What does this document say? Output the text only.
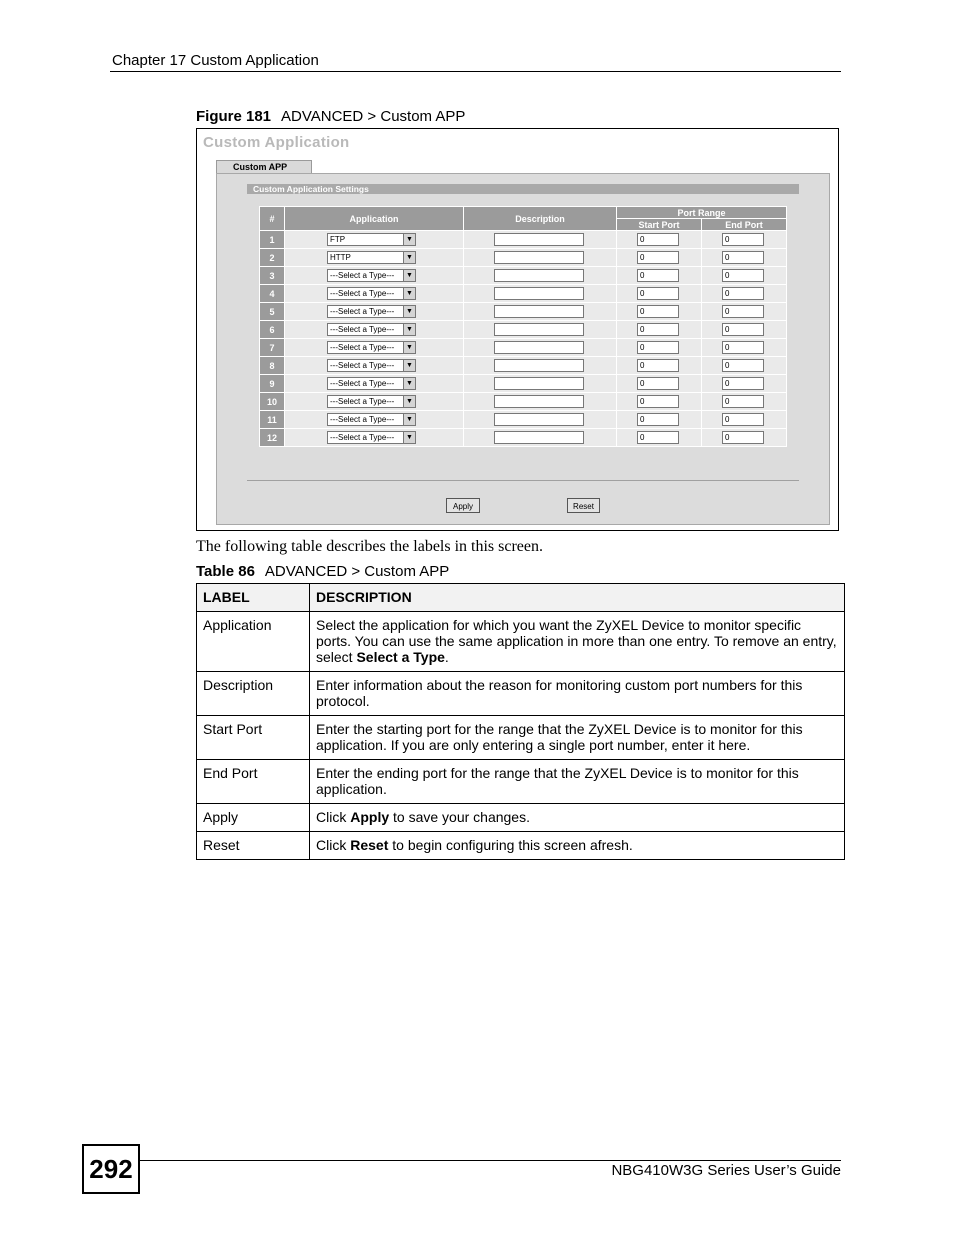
Chapter 17 Custom Application
Figure 181 ADVANCED > Custom APP
Custom Application
Custom APP
Custom Application Settings
#	Application	Description	Port Range	
			Start Port	End Port
1	FTP ▼		0	0
2	HTTP ▼		0	0
3	---Select a Type--- ▼		0	0
4	---Select a Type--- ▼		0	0
5	---Select a Type--- ▼		0	0
6	---Select a Type--- ▼		0	0
7	---Select a Type--- ▼		0	0
8	---Select a Type--- ▼		0	0
9	---Select a Type--- ▼		0	0
10	---Select a Type--- ▼		0	0
11	---Select a Type--- ▼		0	0
12	---Select a Type--- ▼		0	0
Apply	Reset
The following table describes the labels in this screen.
Table 86 ADVANCED > Custom APP
LABEL	DESCRIPTION
Application	Select the application for which you want the ZyXEL Device to monitor specific ports. You can use the same application in more than one entry. To remove an entry, select Select a Type.
Description	Enter information about the reason for monitoring custom port numbers for this protocol.
Start Port	Enter the starting port for the range that the ZyXEL Device is to monitor for this application. If you are only entering a single port number, enter it here.
End Port	Enter the ending port for the range that the ZyXEL Device is to monitor for this application.
Apply	Click Apply to save your changes.
Reset	Click Reset to begin configuring this screen afresh.
292	NBG410W3G Series User’s Guide
